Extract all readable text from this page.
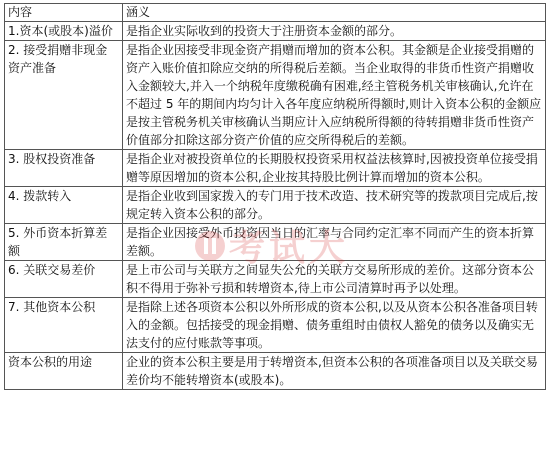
内容	涵义
1.资本(或股本)溢价	是指企业实际收到的投资大于注册资本金额的部分。
2. 接受捐赠非现金资产准备	是指企业因接受非现金资产捐赠而增加的资本公积。其金额是企业接受捐赠的资产入账价值扣除应交纳的所得税后差额。当企业取得的非货币性资产捐赠收入金额较大,并入一个纳税年度缴税确有困难,经主管税务机关审核确认,允许在不超过 5 年的期间内均匀计入各年度应纳税所得额时,则计入资本公积的金额应是按主管税务机关审核确认当期应计入应纳税所得额的待转捐赠非货币性资产价值部分扣除这部分资产价值的应交所得税后的差额。
3. 股权投资准备	是指企业对被投资单位的长期股权投资采用权益法核算时,因被投资单位接受捐赠等原因增加的资本公积,企业按其持股比例计算而增加的资本公积。
4. 拨款转入	是指企业收到国家拨入的专门用于技术改造、技术研究等的拨款项目完成后,按规定转入资本公积的部分。
5. 外币资本折算差额	是指企业因接受外币投资因当日的汇率与合同约定汇率不同而产生的资本折算差额。
6. 关联交易差价	是上市公司与关联方之间显失公允的关联方交易所形成的差价。这部分资本公积不得用于弥补亏损和转增资本,待上市公司清算时再予以处理。
7. 其他资本公积	是指除上述各项资本公积以外所形成的资本公积,以及从资本公积各准备项目转入的金额。包括接受的现金捐赠、债务重组时由债权人豁免的债务以及确实无法支付的应付账款等事项。
资本公积的用途	企业的资本公积主要是用于转增资本,但资本公积的各项准备项目以及关联交易差价均不能转增资本(或股本)。
考试大
